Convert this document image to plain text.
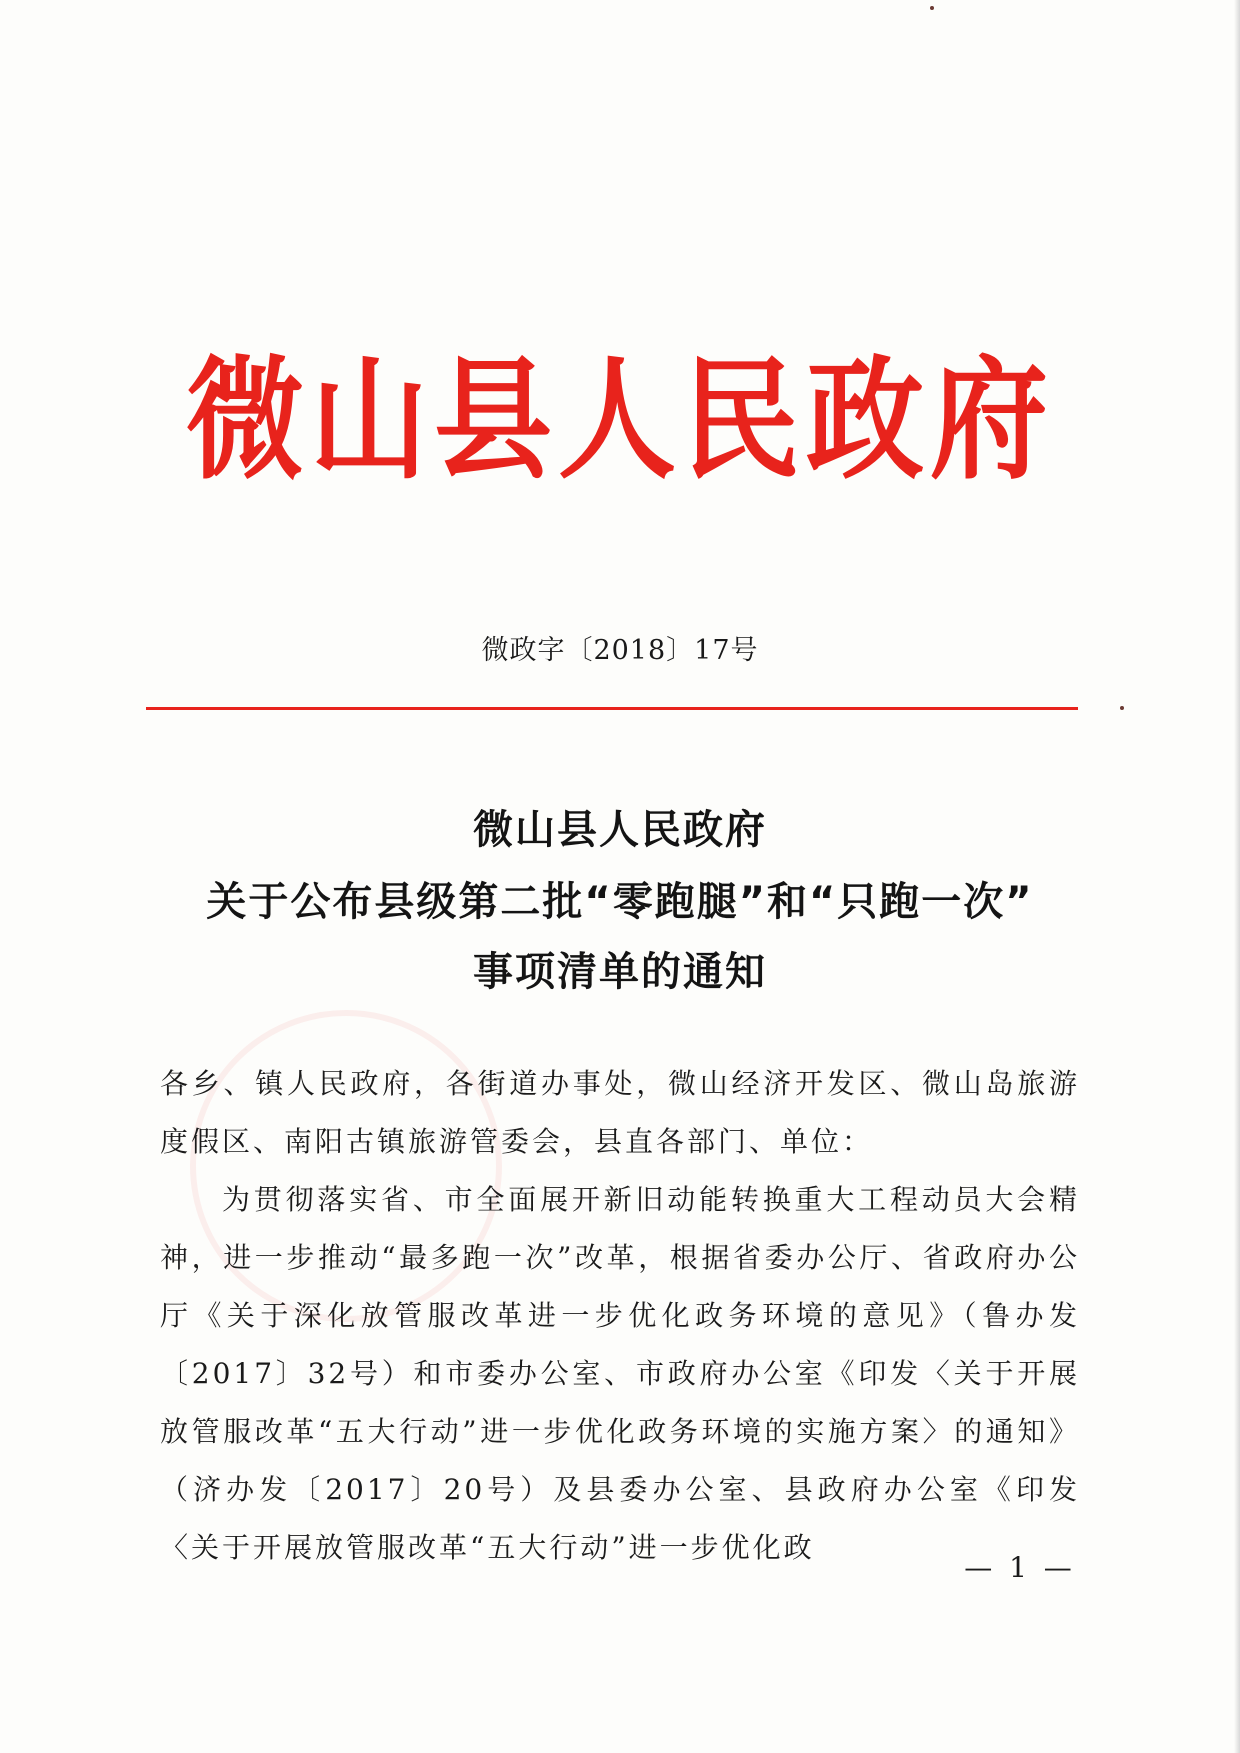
微山县人民政府
微政字〔2018〕17号
微山县人民政府
关于公布县级第二批“零跑腿”和“只跑一次”
事项清单的通知

各乡、镇人民政府，各街道办事处，微山经济开发区、微山岛旅游度假区、南阳古镇旅游管委会，县直各部门、单位：

为贯彻落实省、市全面展开新旧动能转换重大工程动员大会精神，进一步推动“最多跑一次”改革，根据省委办公厅、省政府办公厅《关于深化放管服改革进一步优化政务环境的意见》（鲁办发〔2017〕32号）和市委办公室、市政府办公室《印发〈关于开展放管服改革“五大行动”进一步优化政务环境的实施方案〉的通知》（济办发〔2017〕20号）及县委办公室、县政府办公室《印发〈关于开展放管服改革“五大行动”进一步优化政

— 1 —
